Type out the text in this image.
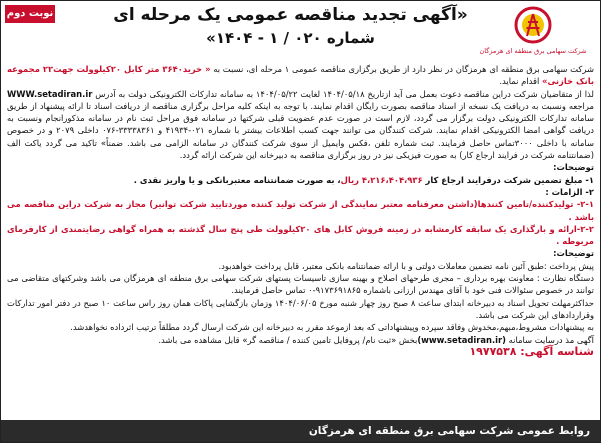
نوبت دوم	«آگهی تجدید مناقصه عمومی یک مرحله ای
شماره ۰۲۰ / ۱ - ۱۴۰۴»
شرکت سهامی برق منطقه ای هرمزگان

شرکت سهامی برق منطقه ای هرمزگان در نظر دارد از طریق برگزاری مناقصه عمومی ۱ مرحله ای، نسبت به « خرید۳۶۴۰ متر کابل ۲۰کیلوولت جهت۲۲ مجموعه بانک خازنی» اقدام نماید.

لذا از متقاضیان شرکت دراین مناقصه دعوت بعمل می آید ازتاریخ ۱۴۰۴/۰۵/۱۸ لغایت ۱۴۰۴/۰۵/۲۲ به سامانه تدارکات الکترونیکی دولت به آدرس WWW.setadiran.ir مراجعه ونسبت به دریافت یک نسخه از اسناد مناقصه بصورت رایگان اقدام نمایند. با توجه به اینکه کلیه مراحل برگزاری مناقصه از دریافت اسناد تا ارائه پیشنهاد از طریق سامانه تدارکات الکترونیکی دولت برگزار می گردد، لازم است در صورت عدم عضویت قبلی شرکتها در سامانه فوق مراحل ثبت نام در سامانه مذکورانجام ونسبت به دریافت گواهی امضا الکترونیکی اقدام نمایند. شرکت کنندگان می توانند جهت کسب اطلاعات بیشتر با شماره ۰۲۱-۴۱۹۳۴ و ۳۳۳۳۸۳۶۱-۰۷۶ داخلی ۲۰۷۹ و در خصوص سامانه با داخلی ۳۰۰۰تماس حاصل فرمایند. ثبت شماره تلفن ،فکس وایمیل از سوی شرکت کنندگان در سامانه الزامی می باشد. ضمناً» تاکید می گردد یاکت الف (ضمانتنامه شرکت در فرایند ارجاع کار) به صورت فیزیکی نیز در روز برگزاری مناقصه به دبیرخانه این شرکت ارائه گردد.

توضیحات:

۱- مبلغ تضمین شرکت درفرایند ارجاع کار ۴،۲۱۶،۴۰۴،۹۳۶ ریال، به صورت ضمانتنامه معتبربانکی و یا واریز نقدی .

۲- الزامات :

۲-۱- تولیدکننده/تامین کنندها(داشتن معرفنامه معتبر نمایندگی از شرکت تولید کننده موردتایید شرکت توانیر) مجاز به شرکت دراین مناقصه می باشد .

۲-۲-ارائه و بارگذاری یک سابقه کارمشابه در زمینه فروش کابل های ۲۰کیلوولت طی پنج سال گذشته به همراه گواهی رضایتمندی از کارفرمای مربوطه .

توضیحات:

پیش پرداخت :طبق آئین نامه تضمین معاملات دولتی و با ارائه ضمانتنامه بانکی معتبر، قابل پرداخت خواهدبود.

دستگاه نظارت : معاونت بهره برداری – مجری طرحهای اصلاح و بهینه سازی تاسیسات پستهای شرکت سهامی برق منطقه ای هرمزگان می باشد وشرکتهای متقاضی می توانند در خصوص سئوالات فنی خود با آقای مهندس ارزانی باشماره ۹۱۷۳۶۹۱۸۶۵-۰ تماس حاصل فرمایند.

حداکثرمهلت تحویل اسناد به دبیرخانه ابتدای ساعت ۸ صبح روز چهار شنبه مورخ ۱۴۰۴/۰۶/۰۵ وزمان بازگشایی پاکات همان روز راس ساعت ۱۰ صبح در دفتر امور تدارکات وقراردادهای این شرکت می باشد.

به پیشنهادات مشروط،مبهم،مخدوش وفاقد سپرده وپیشنهاداتی که بعد ازموعد مقرر به دبیرخانه این شرکت ارسال گردد مطلقاً ترتیب اثرداده نخواهدشد.

آگهی مذ درسایت سامانه (www.setadiran.ir)بخش «ثبت نام/ پروفایل تامین کننده / مناقصه گر» قابل مشاهده می باشد.

شناسه آگهی: ۱۹۷۷۵۳۸

روابط عمومی شرکت سهامی برق منطقه ای هرمزگان
